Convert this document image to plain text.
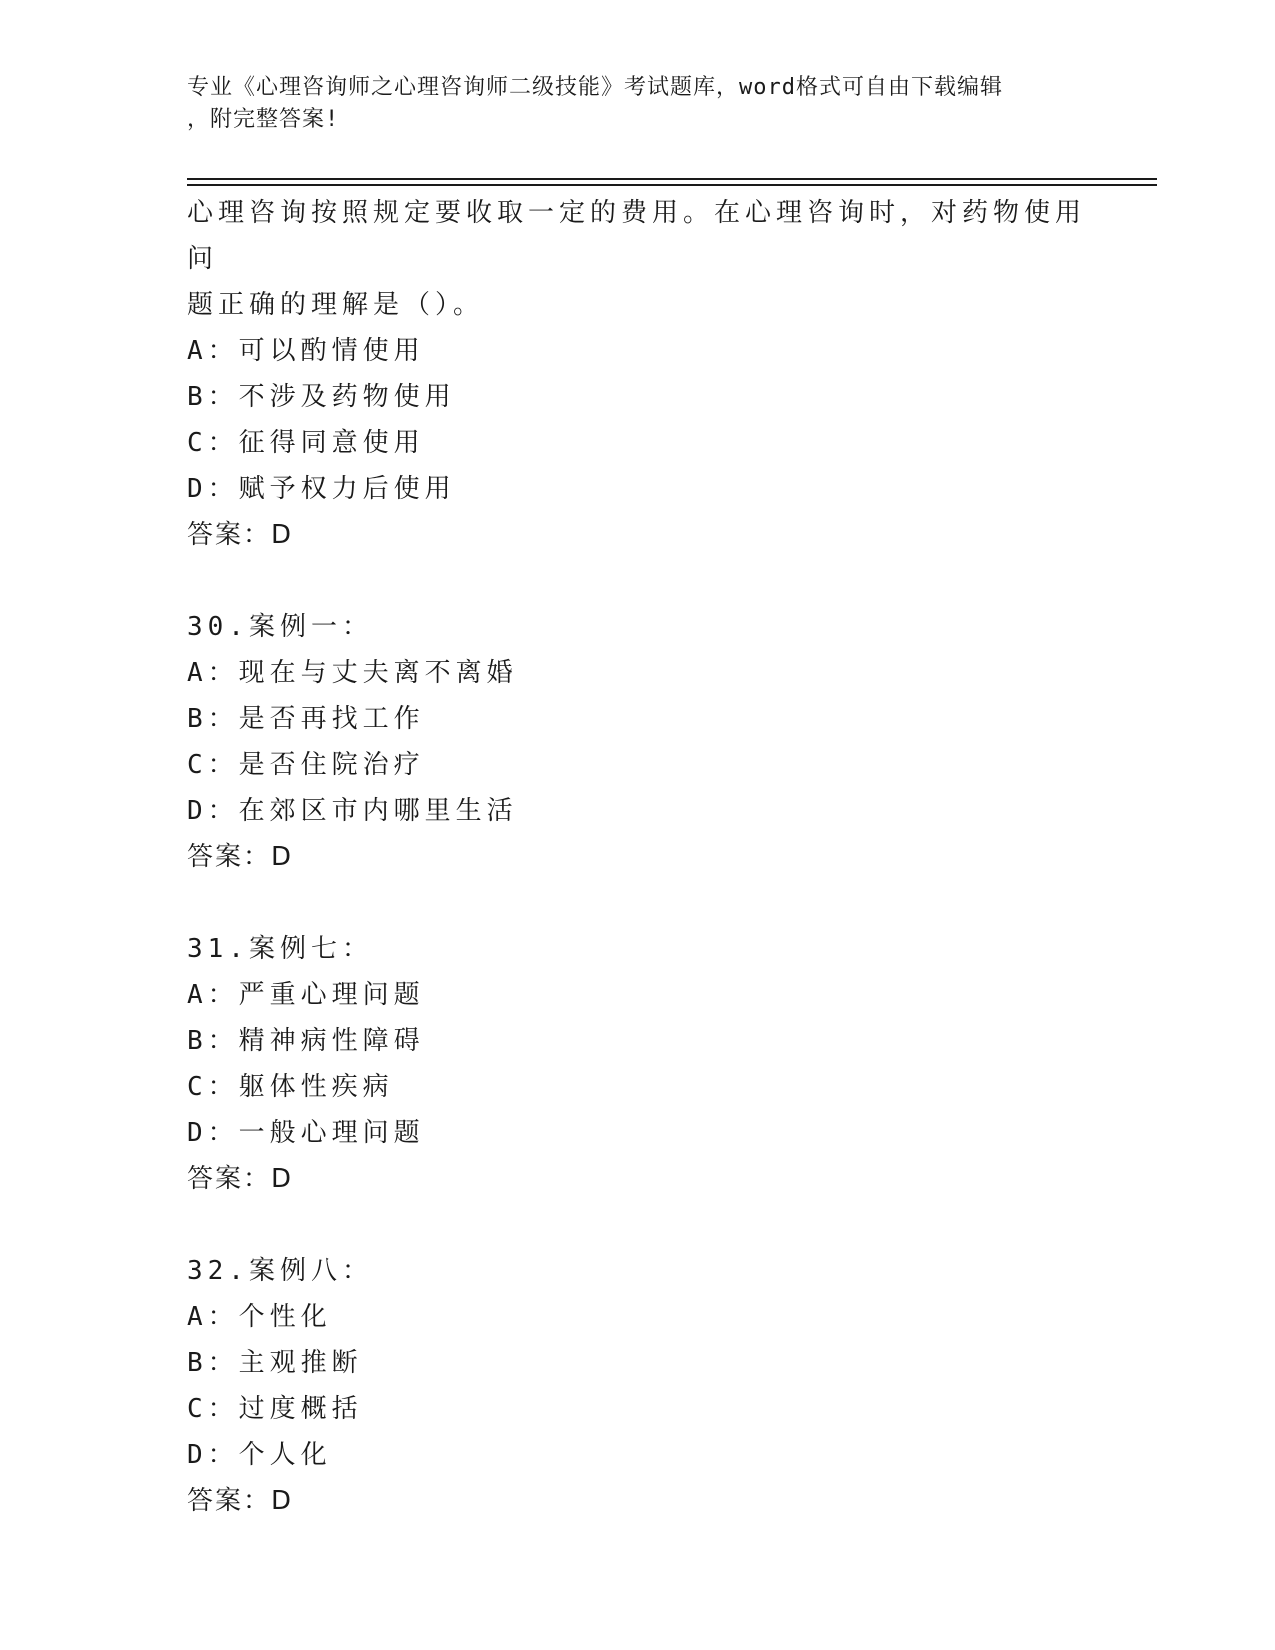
专业《心理咨询师之心理咨询师二级技能》考试题库，word格式可自由下载编辑
，附完整答案!
心理咨询按照规定要收取一定的费用。在心理咨询时，对药物使用问
题正确的理解是（）。
A：可以酌情使用
B：不涉及药物使用
C：征得同意使用
D：赋予权力后使用
答案：D
30.案例一：
A：现在与丈夫离不离婚
B：是否再找工作
C：是否住院治疗
D：在郊区市内哪里生活
答案：D
31.案例七：
A：严重心理问题
B：精神病性障碍
C：躯体性疾病
D：一般心理问题
答案：D
32.案例八：
A：个性化
B：主观推断
C：过度概括
D：个人化
答案：D
